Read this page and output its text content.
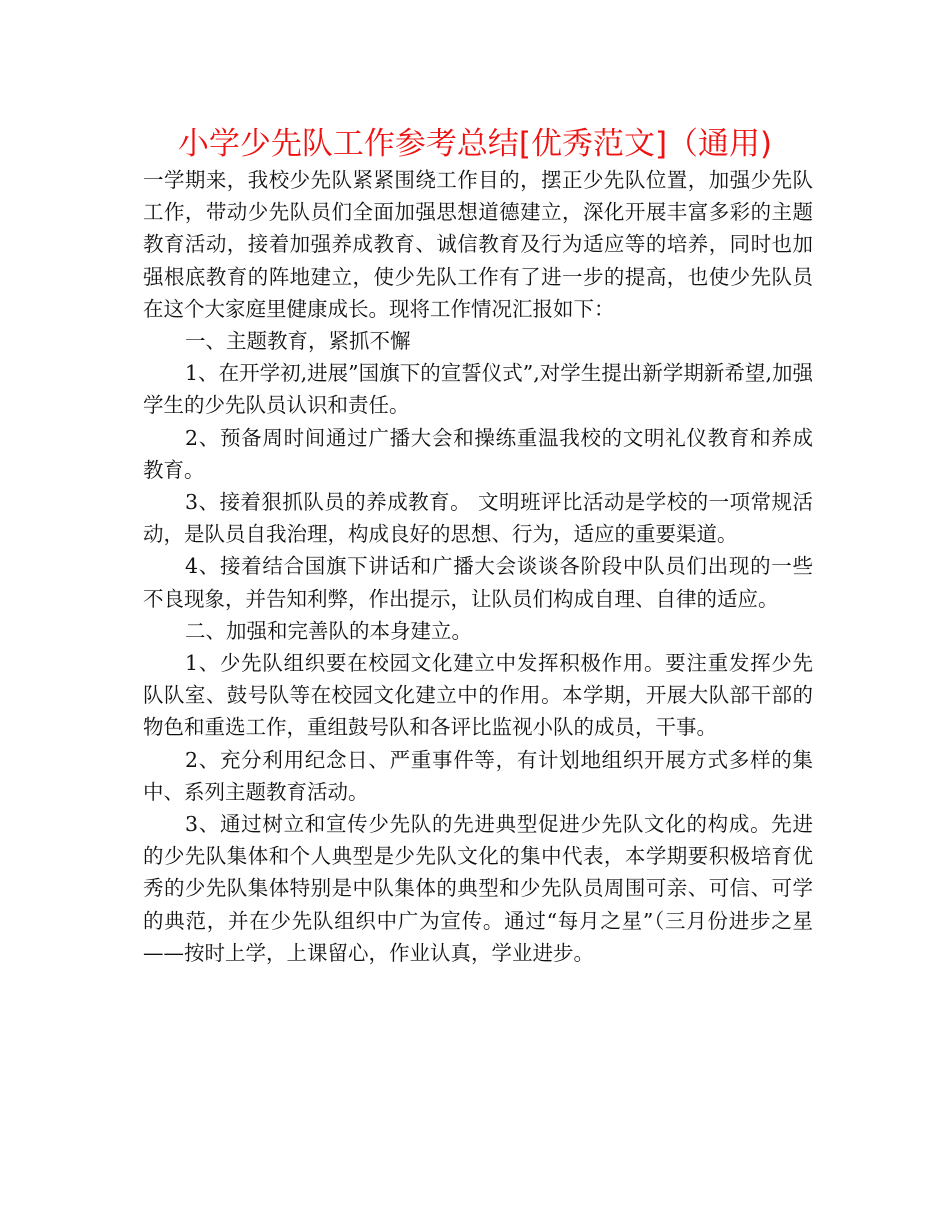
小学少先队工作参考总结[优秀范文]（通用)

一学期来，我校少先队紧紧围绕工作目的，摆正少先队位置，加强少先队工作，带动少先队员们全面加强思想道德建立，深化开展丰富多彩的主题教育活动，接着加强养成教育、诚信教育及行为适应等的培养，同时也加强根底教育的阵地建立，使少先队工作有了进一步的提高，也使少先队员在这个大家庭里健康成长。现将工作情况汇报如下：

一、主题教育，紧抓不懈

1、在开学初,进展”国旗下的宣誓仪式”,对学生提出新学期新希望,加强学生的少先队员认识和责任。

2、预备周时间通过广播大会和操练重温我校的文明礼仪教育和养成教育。

3、接着狠抓队员的养成教育。 文明班评比活动是学校的一项常规活动，是队员自我治理，构成良好的思想、行为，适应的重要渠道。

4、接着结合国旗下讲话和广播大会谈谈各阶段中队员们出现的一些不良现象，并告知利弊，作出提示，让队员们构成自理、自律的适应。

二、加强和完善队的本身建立。

1、少先队组织要在校园文化建立中发挥积极作用。要注重发挥少先队队室、鼓号队等在校园文化建立中的作用。本学期，开展大队部干部的物色和重选工作，重组鼓号队和各评比监视小队的成员，干事。

2、充分利用纪念日、严重事件等，有计划地组织开展方式多样的集中、系列主题教育活动。

3、通过树立和宣传少先队的先进典型促进少先队文化的构成。先进的少先队集体和个人典型是少先队文化的集中代表，本学期要积极培育优秀的少先队集体特别是中队集体的典型和少先队员周围可亲、可信、可学的典范，并在少先队组织中广为宣传。通过“每月之星”（三月份进步之星——按时上学，上课留心，作业认真，学业进步。
